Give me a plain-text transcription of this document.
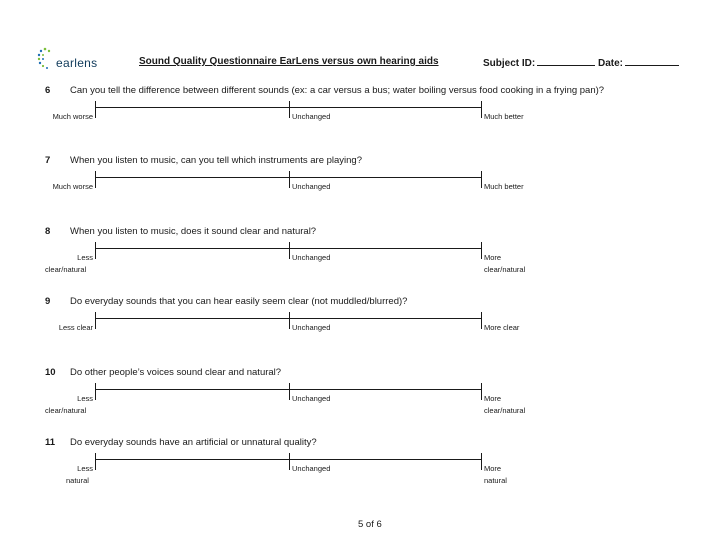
earlens	Sound Quality Questionnaire EarLens versus own hearing aids	Subject ID:	Date:
6 Can you tell the difference between different sounds (ex: a car versus a bus; water boiling versus food cooking in a frying pan)?
Much worse	Unchanged	Much better
7 When you listen to music, can you tell which instruments are playing?
Much worse	Unchanged	Much better
8 When you listen to music, does it sound clear and natural?
Less
clear/natural
Unchanged	More
clear/natural
9 Do everyday sounds that you can hear easily seem clear (not muddled/blurred)?
Less clear	Unchanged	More clear
10 Do other people’s voices sound clear and natural?
Less
clear/natural
Unchanged	More
clear/natural
11 Do everyday sounds have an artificial or unnatural quality?
Less
natural
Unchanged	More
natural
5 of 6
